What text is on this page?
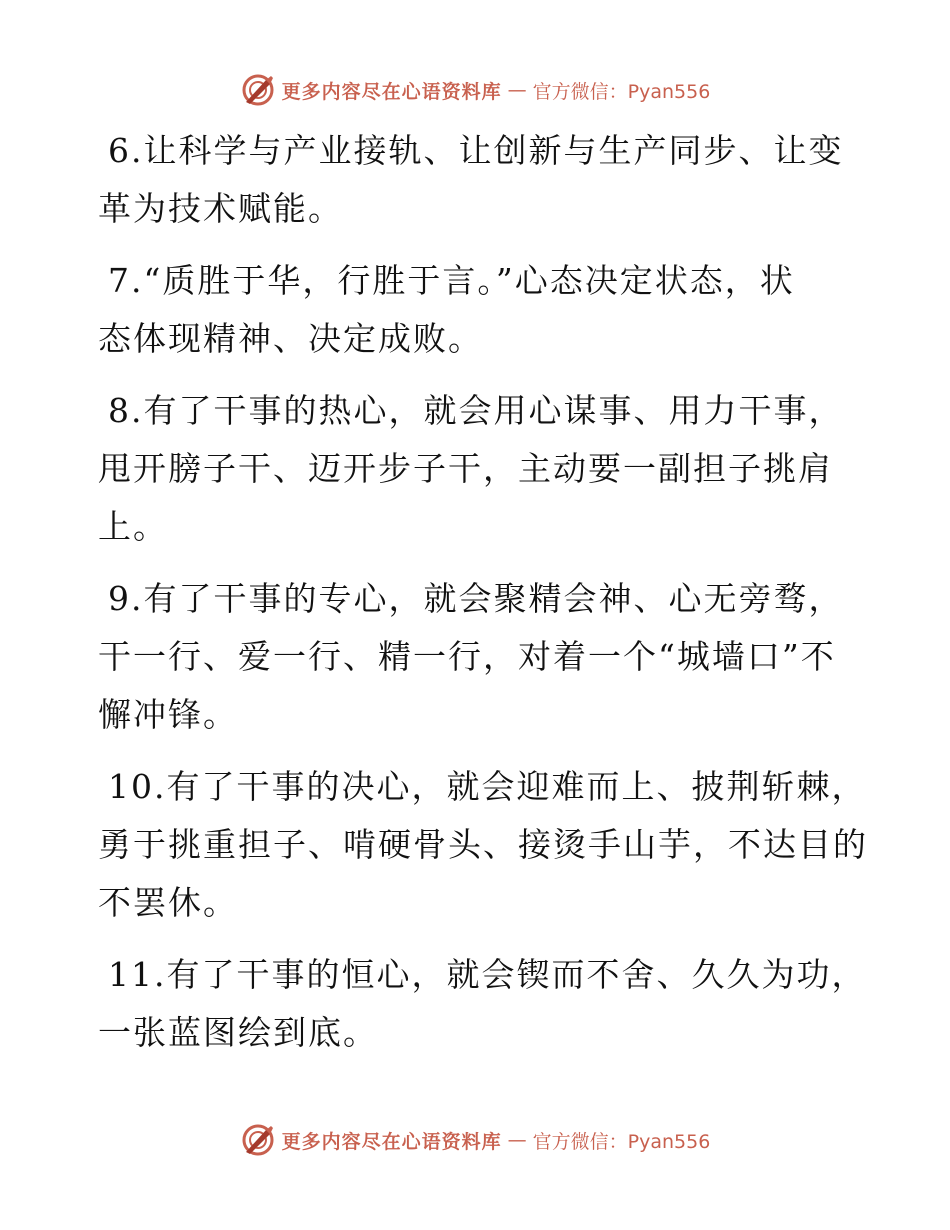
更多内容尽在心语资料库 — 官方微信：Pyan556
6.让科学与产业接轨、让创新与生产同步、让变
革为技术赋能。
7.“质胜于华，行胜于言。”心态决定状态，状
态体现精神、决定成败。
8.有了干事的热心，就会用心谋事、用力干事，
甩开膀子干、迈开步子干，主动要一副担子挑肩
上。
9.有了干事的专心，就会聚精会神、心无旁骛，
干一行、爱一行、精一行，对着一个“城墙口”不
懈冲锋。
10.有了干事的决心，就会迎难而上、披荆斩棘，
勇于挑重担子、啃硬骨头、接烫手山芋，不达目的
不罢休。
11.有了干事的恒心，就会锲而不舍、久久为功，
一张蓝图绘到底。
更多内容尽在心语资料库 — 官方微信：Pyan556
